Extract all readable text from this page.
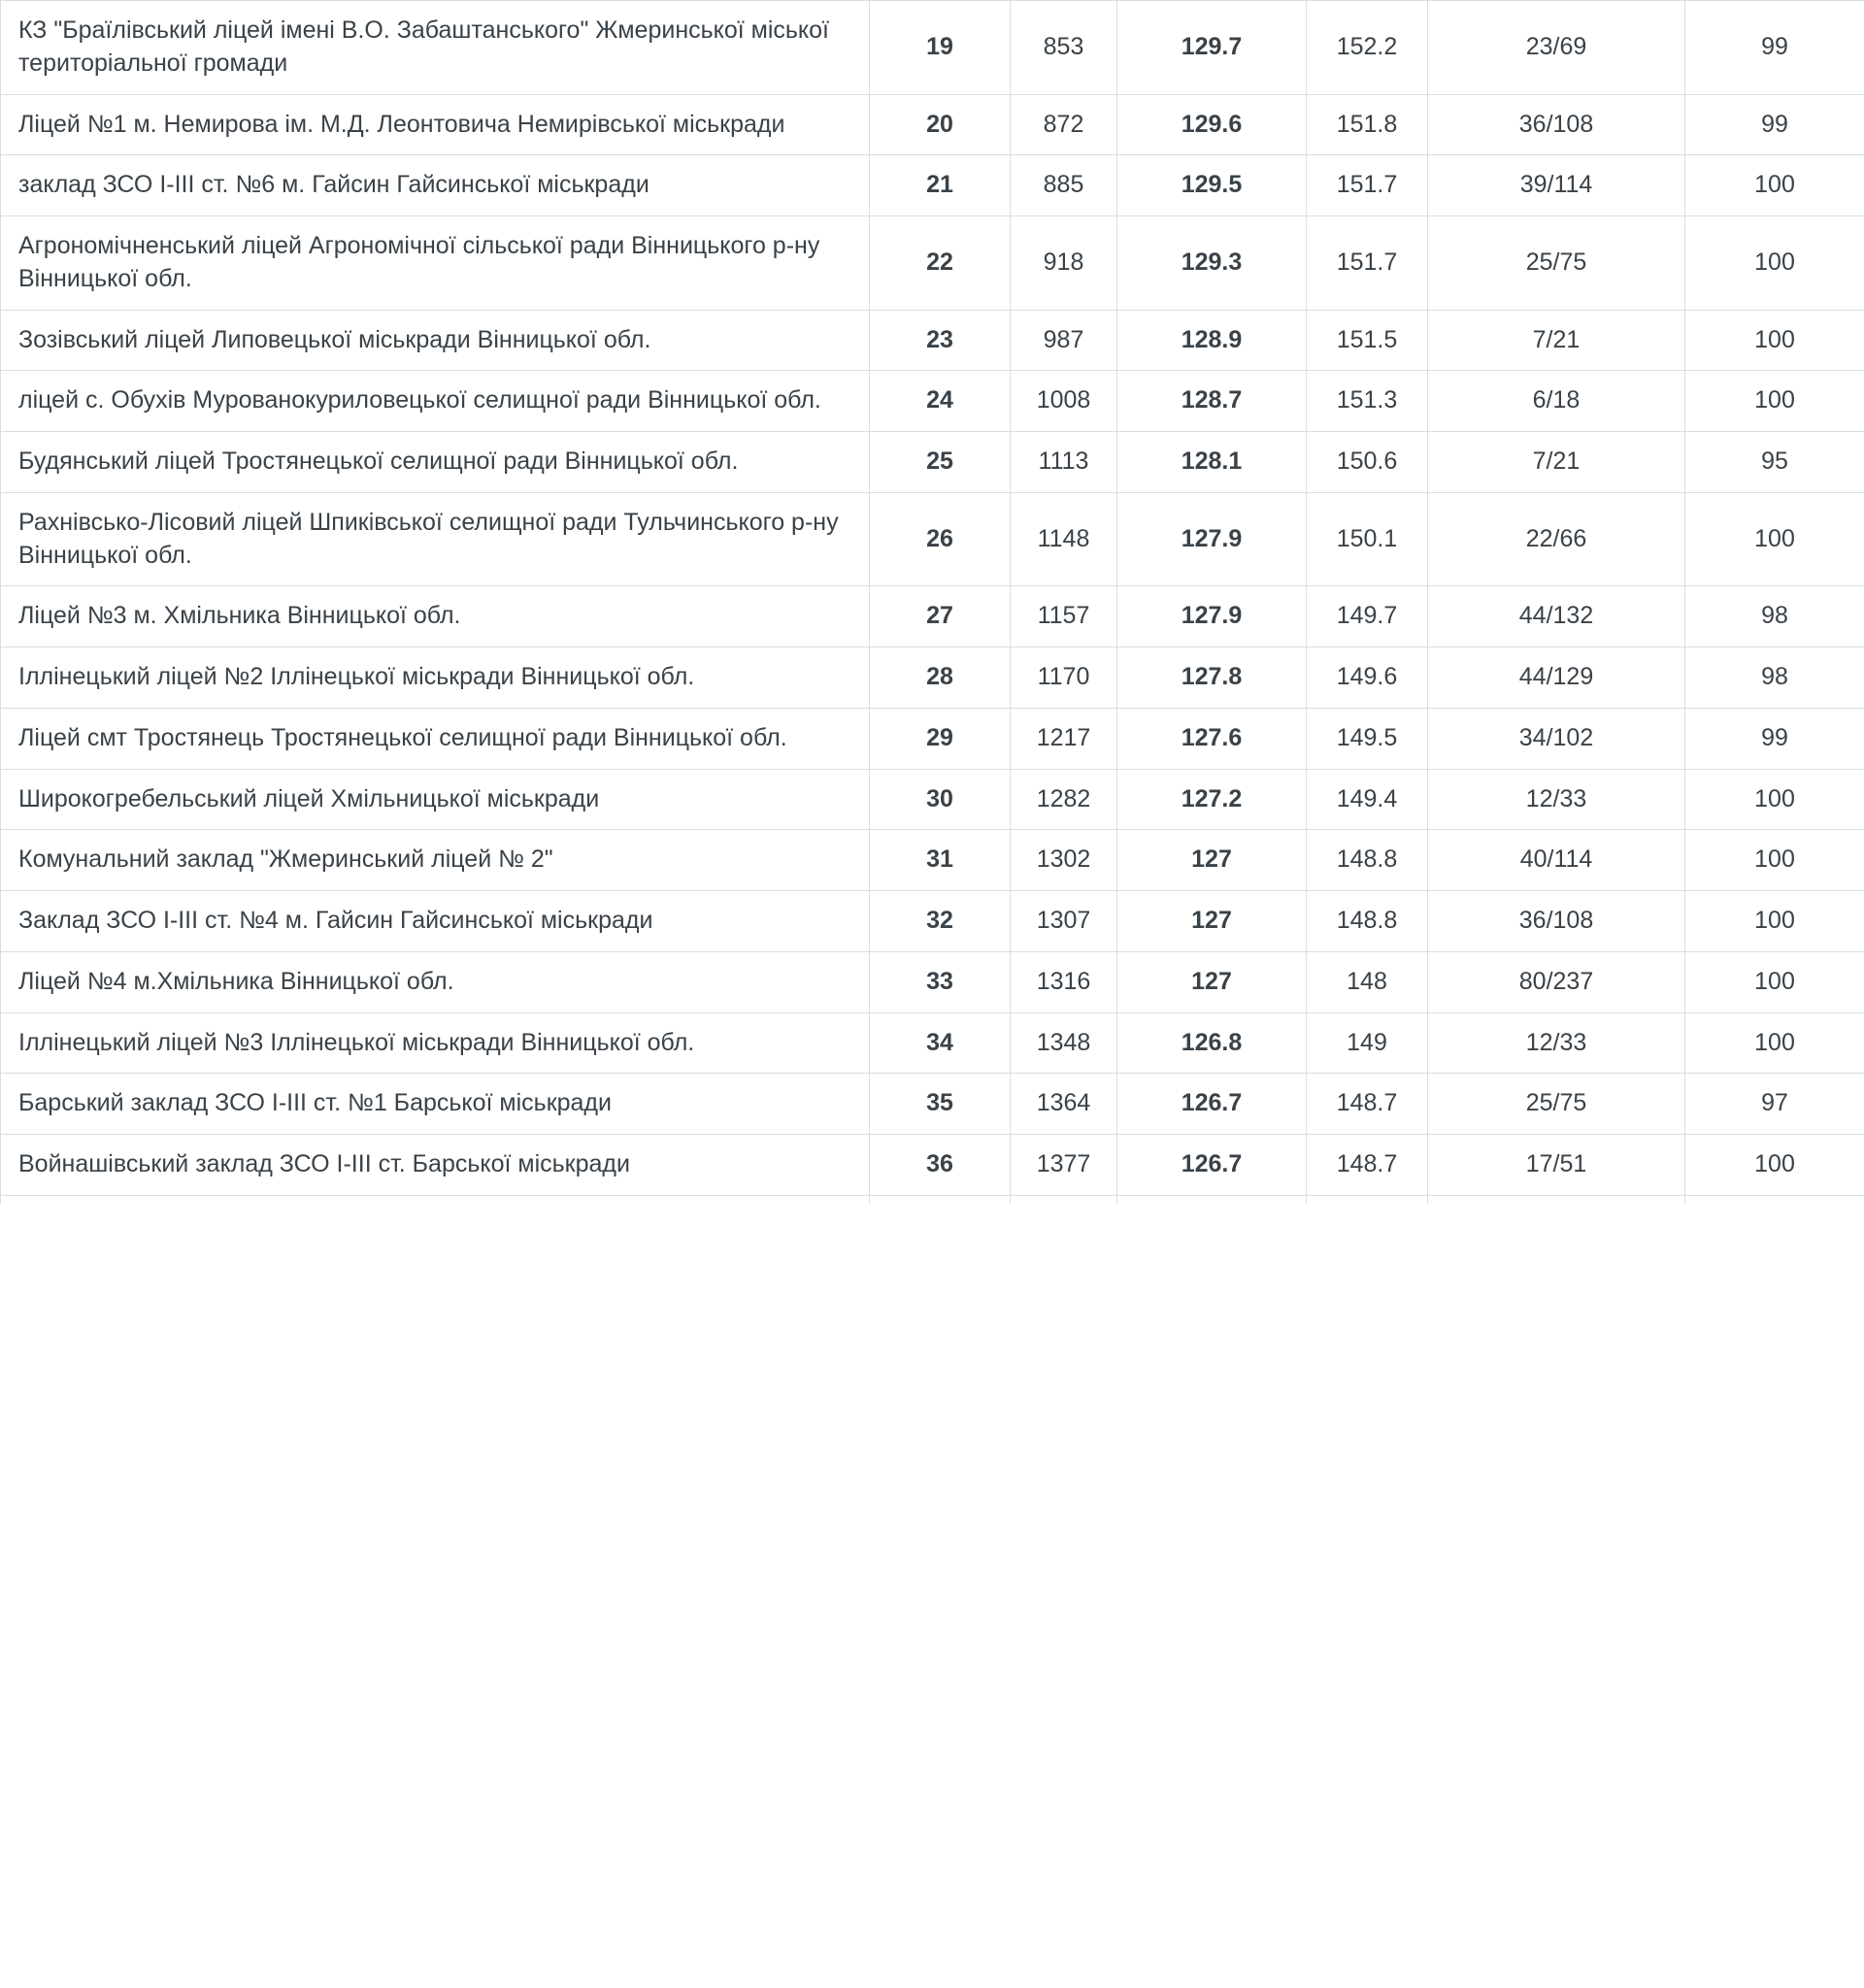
КЗ "Браїлівський ліцей імені В.О. Забаштанського" Жмеринської міської територіальної громади	19	853	129.7	152.2	23/69	99
Ліцей №1 м. Немирова ім. М.Д. Леонтовича Немирівської міськради	20	872	129.6	151.8	36/108	99
заклад ЗСО I-III ст. №6 м. Гайсин Гайсинської міськради	21	885	129.5	151.7	39/114	100
Агрономічненський ліцей Агрономічної сільської ради Вінницького р-ну Вінницької обл.	22	918	129.3	151.7	25/75	100
Зозівський ліцей Липовецької міськради Вінницької обл.	23	987	128.9	151.5	7/21	100
ліцей с. Обухів Мурованокуриловецької селищної ради Вінницької обл.	24	1008	128.7	151.3	6/18	100
Будянський ліцей Тростянецької селищної ради Вінницької обл.	25	1113	128.1	150.6	7/21	95
Рахнівсько-Лісовий ліцей Шпиківської селищної ради Тульчинського р-ну Вінницької обл.	26	1148	127.9	150.1	22/66	100
Ліцей №3 м. Хмільника Вінницької обл.	27	1157	127.9	149.7	44/132	98
Іллінецький ліцей №2 Іллінецької міськради Вінницької обл.	28	1170	127.8	149.6	44/129	98
Ліцей смт Тростянець Тростянецької селищної ради Вінницької обл.	29	1217	127.6	149.5	34/102	99
Широкогребельський ліцей Хмільницької міськради	30	1282	127.2	149.4	12/33	100
Комунальний заклад "Жмеринський ліцей № 2"	31	1302	127	148.8	40/114	100
Заклад ЗСО I-III ст. №4 м. Гайсин Гайсинської міськради	32	1307	127	148.8	36/108	100
Ліцей №4 м.Хмільника Вінницької обл.	33	1316	127	148	80/237	100
Іллінецький ліцей №3 Іллінецької міськради Вінницької обл.	34	1348	126.8	149	12/33	100
Барський заклад ЗСО I-III ст. №1 Барської міськради	35	1364	126.7	148.7	25/75	97
Войнашівський заклад ЗСО I-III ст. Барської міськради	36	1377	126.7	148.7	17/51	100
